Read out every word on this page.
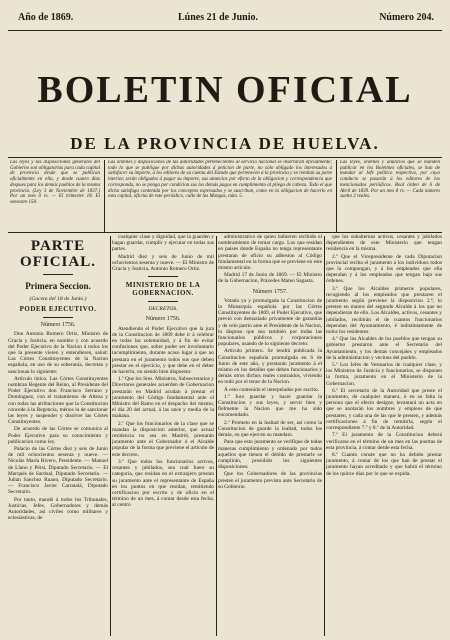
Año de 1869.	Lúnes 21 de Junio.	Número 204.
BOLETIN OFICIAL
DE LA PROVINCIA DE HUELVA.
Las leyes y las disposiciones generales del Gobierno son obligatorias para cada capital de provincia desde que se publican oficialmente en ella, y desde cuatro dias despues para los demás pueblos de la misma provincia. (Ley 3 de Noviembre de 1837.) Por un mes 6 rs. — El trimestre 18. El semestre 150.
Las ordenes y disposiciones de las autoridades pertenecientes al servicio nacional se insertarán oficialmente; todo lo que se publique por dichas autoridades á peticion de parte, no sólo obligado los interesados á satisfacer su importe, á los editores de su cuenta del Estado que pertenecen á la provincia y se remitan su parte interior, serán obligados á pagar su importe, sus anuncios por efecto de la obligacion y correspondencia que corresponda, no se ponga por condicion sus los demás pagos en cumplimiento al pliego de cabeza. Todo el que dicha satisfaga contenida por los conceptos expresados y se suscriban, como en la obligacion de hacerlo en esta capital, oficina de este periódico, calle de las Mongas, núm. 5.
Las leyes, órdenes y anuncios que se manden publicar en los Boletines oficiales, se han de mandar al Jefe político respectivo, por cuyo conducto se pasarán á los editores de los mencionados periódicos. Real órden de 6 de Abril de 1839. Por un mes 8 rs. — Cada número suelto 2 reales.
PARTE OFICIAL.
Primera Seccion.
(Gaceta del 18 de Junio.)
PODER EJECUTIVO.
Número 1756.

Don Antonio Romero Ortiz, Ministro de Gracia y Justicia, en nombre y con acuerdo del Poder Ejecutivo de la Nacion á todos los que la presente vieren y entendieren, salud: Las Córtes Constituyentes de la Nacion española, en uso de su soberanía, decretan y sancionan lo siguiente:

Artículo único. Las Córtes Constituyentes nombran Regente del Reino, al Presidente del Poder Ejecutivo don Francisco Serrano y Domínguez, con el tratamiento de Alteza y con todas las atribuciones que la Constitucion concede á la Regencia, ménos la de sancionar las leyes y suspender y disolver las Córtes Constituyentes.

De acuerdo de las Córtes se comunica al Poder Ejecutivo para su conocimiento y publicacion como ley.

Palacio de las Córtes diez y seis de Junio de mil ochocientos sesenta y nueve. — Nicolás María Rivero, Presidente. — Manuel de Llano y Pérsi, Diputado Secretario. — El Marqués de Sardoal, Diputado Secretario. — Julian Sanchez Ruano, Diputado Secretario. — Francisco Javier Carratalá, Diputado Secretario.

Por tanto, mandó á todos los Tribunales, Justicias, Jefes, Gobernadores y demás Autoridades, así civiles como militares y eclesiásticas, de

cualquier clase y dignidad, que la guarden y hagan guardar, cumplir y ejecutar en todas sus partes.

Madrid diez y seis de Junio de mil ochocientos sesenta y nueve. — El Ministro de Gracia y Justicia, Antonio Romero Ortiz.

MINISTERIO DE LA GOBERNACION.
DECRETOS.
Número 1756.

Atendiendo el Poder Ejecutivo que la jura de la Constitucion de 1869 debe ir á celebrar en todas las solemnidad, y á fin de evitar confusiones que, sobre poder ser involuntario incumplimiento, durante acaso lugar á que no prestara en el juramento todos sus que deben prestar en el ejercicio, y que debe en el deber de hacerlo, no siendo bien dispuesto:

1.º Que los Sres. Ministros, Subsecretarios y Directores generales acuerden de Gobernacion prestarán en Madrid acudan á prestar el juramento del Código fundamental ante el Ministro del Ramo en el despacho del mismo, el día 20 del actual, á las once y media de la mañana.

2.º Que los funcionarios de la clase que se mandan la disposicion anterior, que actual residencia no sea en Madrid, prestarán juramento ante el Gobernador ó el Alcalde popular de la forma que previene el artículo de este decreto.

3.º Que todos los funcionarios activos, cesantes y jubilados, sea cual fuere su categoría, que residan en el extranjero prestan su juramento ante el representante de España en los puntos en que residan, remitiendo certificacion por escrito y de oficio en el término de un mes, á contar desde esta fecha, al centro

administrativo de quien hubieren recibido el nombramiento de tomar cargo. Los que residan en países donde España no tenga representante prestaran de oficio su adhesion al Código fundamental en la forma que se previene en este mismo artículo.

Madrid 17 de Junio de 1869. — El Ministro de la Gobernacion, Práxedes Mateo Sagasta.

Número 1757.

Votada ya y promulgada la Constitucion de la Monarquía española por las Córtes Constituyentes de 1869, el Poder Ejecutivo, que previó con demasiado privamente de garantías y de celo patrio ante el Presidente de la Nacion, lo dispuso que sea también por todas las funcionarios públicos y corporaciones populares, usando de lo siguiente decreto:

Artículo primero. Se tendrá publicada la Constitucion española promulgada en 6 de Junio de este año, y prestarán juramento á el mismo en los detalles que deben funcionarios y demás otros dichos reales contraídos, viviendo en todo por el tenor de la Nacion.

Á esto contenido el interpelados por escrito.

1.º Juro guardar y hacer guardar la Constitucion y sus leyes, y servir bien y fielmente la Nacion que me ha sido encomendado.

2.º Prometo en la lealtad de ser, así como la Constitucion de guarde la lealtad, todos los demás, en que ejercen su mandato.

Para que esto juramento se verifique de todas maneras cumplimiento y ordenado por todos aquellos que tienen el debido de prestarle se cumplirán, presidido los siguientes disposiciones:

Que los Gobernadores de las provincias presten el juramento previsto ante Secretario de su Gobierno.

que los subalternos activos, cesantes y jubilados dependientes de este Ministerio que tengan residencia en la misma.

2.º Que el Vicepresidente de cada Diputacion provincial reciba el juramento á los individuos todos que la compongan, y á los empleados que ella dependan y á los empleados que tengan bajo sus órdenes.

3.º Que los Alcaldes primeros populares, recogiendo al los empleados que prestaren el juramento según previene la disposicion 2.ª; lo presten en manos del segundo Alcalde á los que no dependieran de ello. Los Alcaldes, activos, cesantes y jubilados, recibirán el de cuantos funcionarios dependan del Ayuntamiento, é indistintamente de todos los residentes.

4.º Que los Alcaldes de los pueblos que tengan su gobierno prestaron ante el Secretario del Ayuntamiento, y los demás concejales y empleados de la administracion y vecinos del pueblo.

5.º Los Jefes de Vestuarios de cualquier clase, y los Ministros de Justicia y funcionarios, se disponen la forma, juramento en el Ministerio de la Gobernacion.

6.º El secretario de la Autoridad que preste el juramento, de cualquier manera, ó en su falta la persona que el efecto designe, levantará un acta en que se anotarán los nombres y empleos de que prestaren, y cada una de las que le presten, y además certificaciones á fin de remitirla, según el correspondiente 7.º y 8.º de la Autoridad.

7.º El juramento de la Constitucion deberá verificarse en el término de un mes en las puertas de esta provincia, á contar desde esta fecha.

8.º Cuanto conste que no ha debido prestar juramento, á contar de los que han de prestar el juramento hayan acreditado y que habrá el término de los quince días por lo que se expida.
